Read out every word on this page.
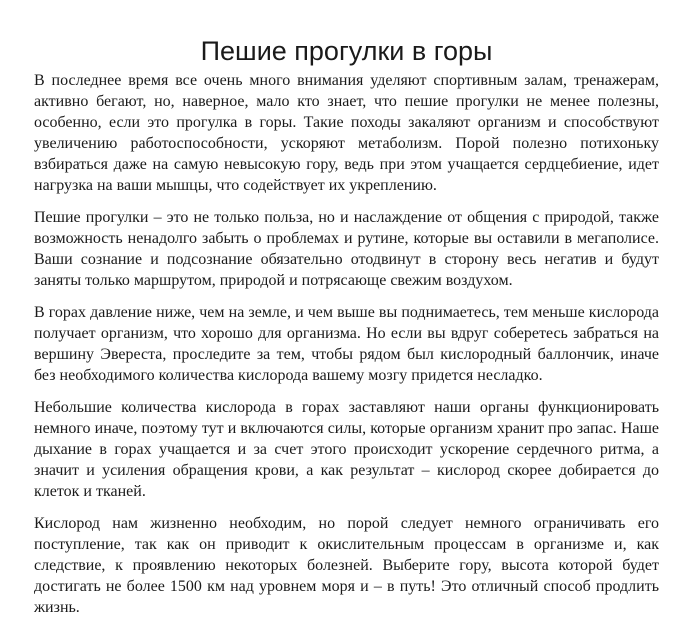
Пешие прогулки в горы

В последнее время все очень много внимания уделяют спортивным залам, тренажерам, активно бегают, но, наверное, мало кто знает, что пешие прогулки не менее полезны, особенно, если это прогулка в горы. Такие походы закаляют организм и способствуют увеличению работоспособности, ускоряют метаболизм. Порой полезно потихоньку взбираться даже на самую невысокую гору, ведь при этом учащается сердцебиение, идет нагрузка на ваши мышцы, что содействует их укреплению.

Пешие прогулки – это не только польза, но и наслаждение от общения с природой, также возможность ненадолго забыть о проблемах и рутине, которые вы оставили в мегаполисе. Ваши сознание и подсознание обязательно отодвинут в сторону весь негатив и будут заняты только маршрутом, природой и потрясающе свежим воздухом.

В горах давление ниже, чем на земле, и чем выше вы поднимаетесь, тем меньше кислорода получает организм, что хорошо для организма. Но если вы вдруг соберетесь забраться на вершину Эвереста, проследите за тем, чтобы рядом был кислородный баллончик, иначе без необходимого количества кислорода вашему мозгу придется несладко.

Небольшие количества кислорода в горах заставляют наши органы функционировать немного иначе, поэтому тут и включаются силы, которые организм хранит про запас. Наше дыхание в горах учащается и за счет этого происходит ускорение сердечного ритма, а значит и усиления обращения крови, а как результат – кислород скорее добирается до клеток и тканей.

Кислород нам жизненно необходим, но порой следует немного ограничивать его поступление, так как он приводит к окислительным процессам в организме и, как следствие, к проявлению некоторых болезней. Выберите гору, высота которой будет достигать не более 1500 км над уровнем моря и – в путь! Это отличный способ продлить жизнь.
